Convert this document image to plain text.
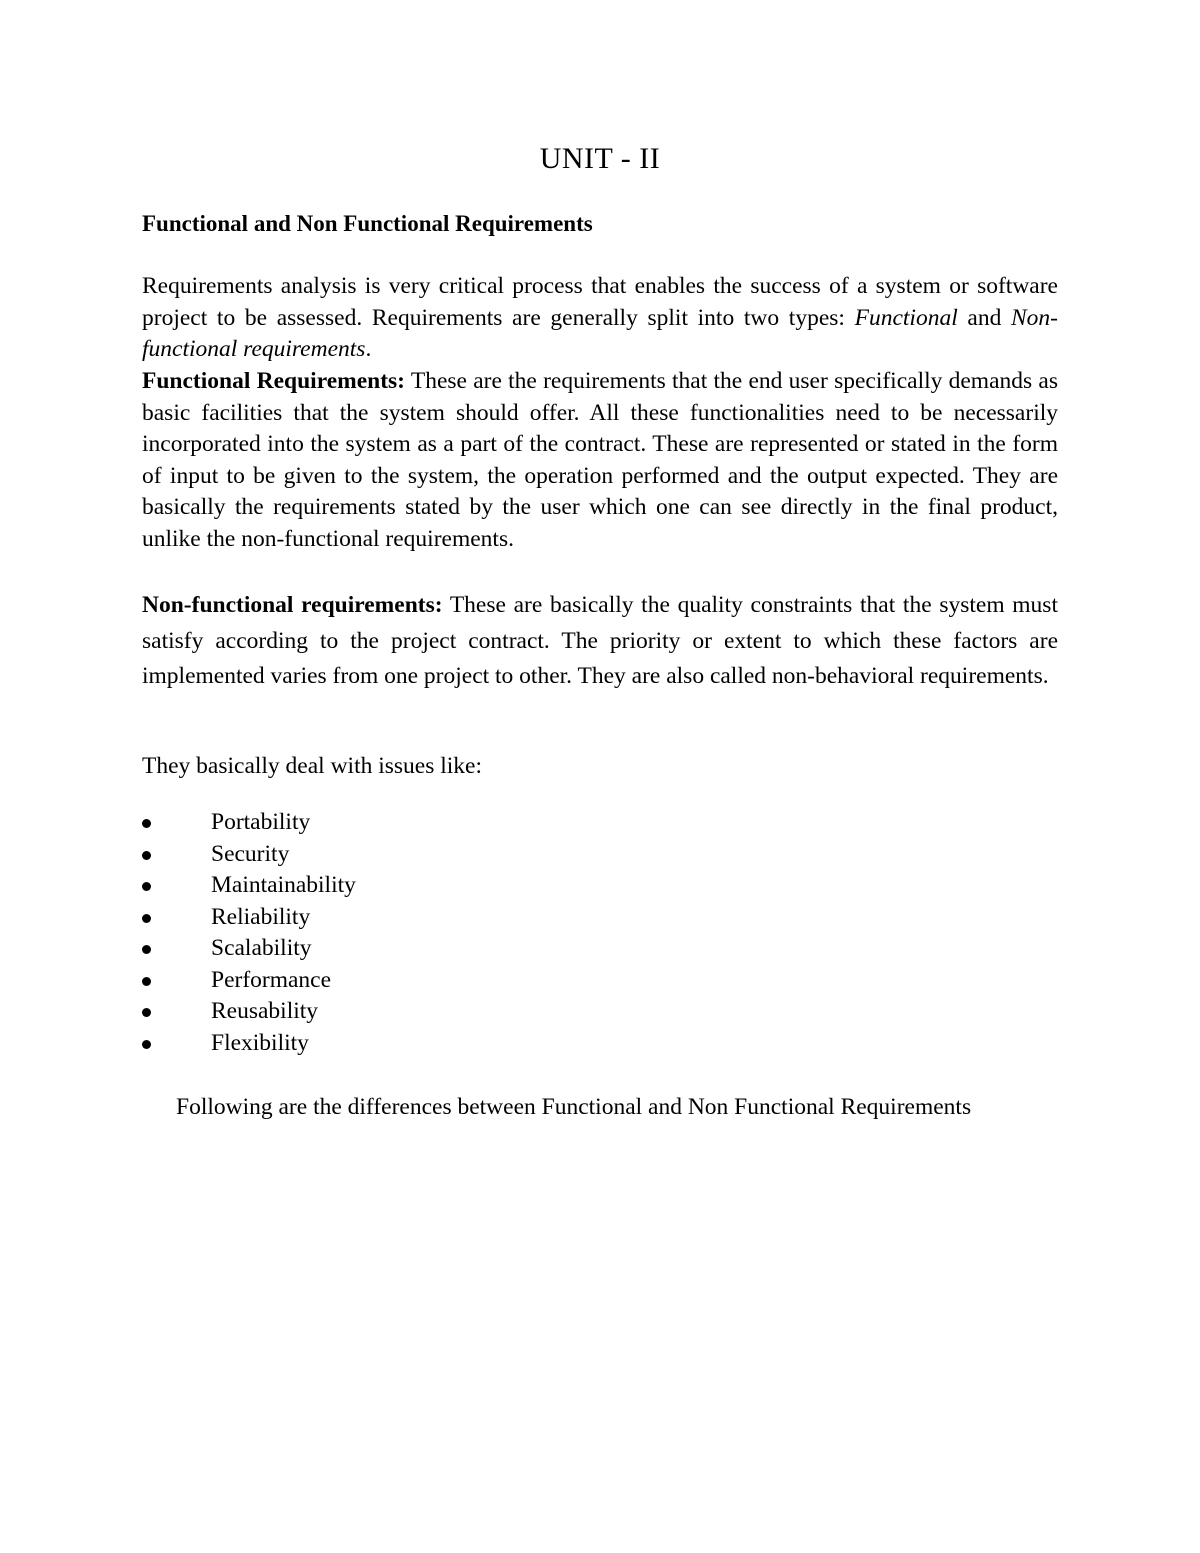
UNIT - II
Functional and Non Functional Requirements
Requirements analysis is very critical process that enables the success of a system or software project to be assessed. Requirements are generally split into two types: Functional and Non-functional requirements.
Functional Requirements: These are the requirements that the end user specifically demands as basic facilities that the system should offer. All these functionalities need to be necessarily incorporated into the system as a part of the contract. These are represented or stated in the form of input to be given to the system, the operation performed and the output expected. They are basically the requirements stated by the user which one can see directly in the final product, unlike the non-functional requirements.
Non-functional requirements: These are basically the quality constraints that the system must satisfy according to the project contract. The priority or extent to which these factors are implemented varies from one project to other. They are also called non-behavioral requirements.
They basically deal with issues like:
Portability
Security
Maintainability
Reliability
Scalability
Performance
Reusability
Flexibility
Following are the differences between Functional and Non Functional Requirements
